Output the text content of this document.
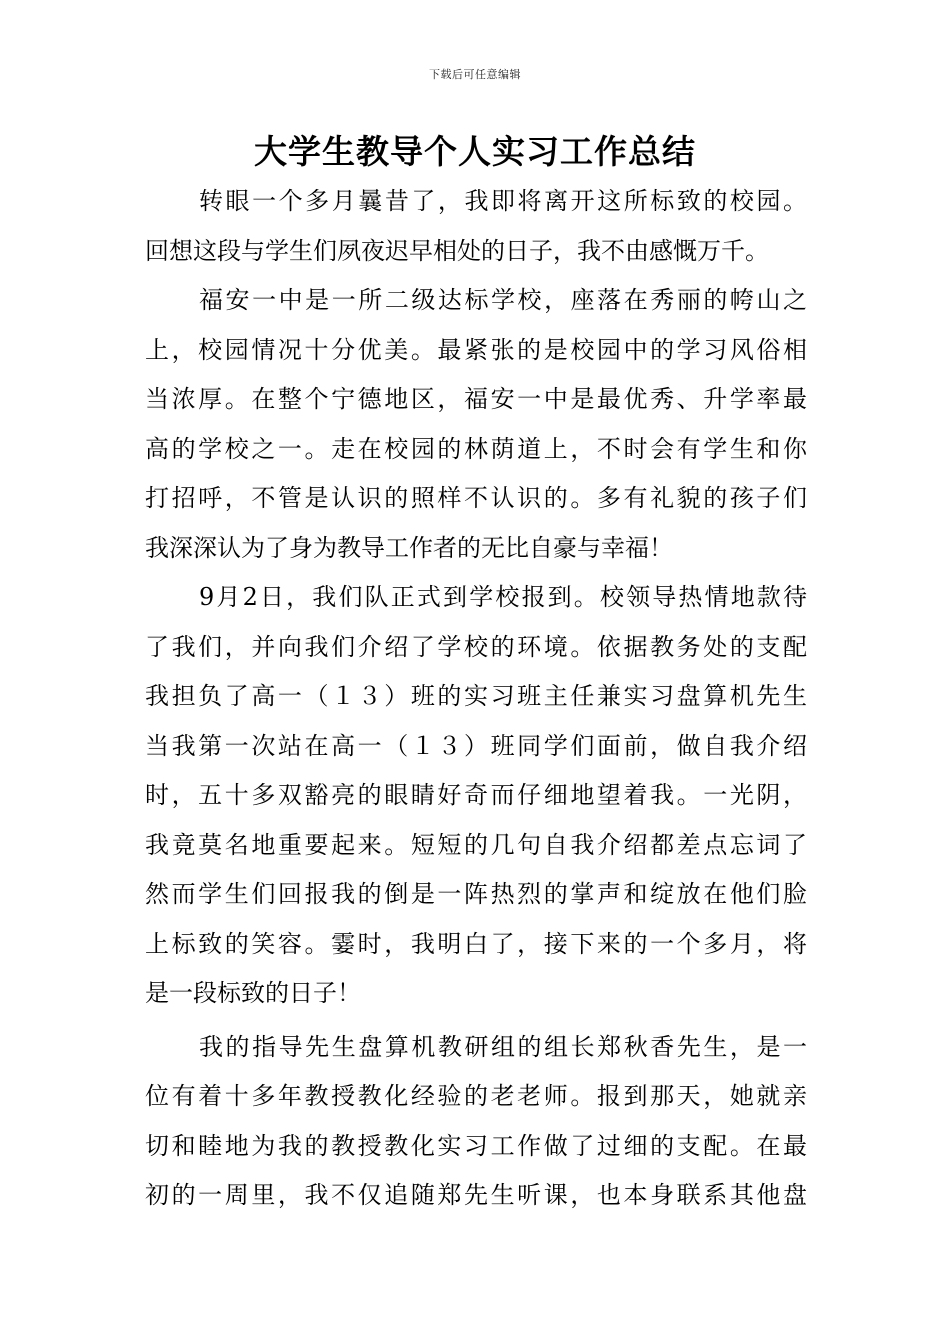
下载后可任意编辑
大学生教导个人实习工作总结
转眼一个多月曩昔了，我即将离开这所标致的校园。
回想这段与学生们夙夜迟早相处的日子，我不由感慨万千。
福安一中是一所二级达标学校，座落在秀丽的㡁山之
上，校园情况十分优美。最紧张的是校园中的学习风俗相
当浓厚。在整个宁德地区，福安一中是最优秀、升学率最
高的学校之一。走在校园的林荫道上，不时会有学生和你
打招呼，不管是认识的照样不认识的。多有礼貌的孩子们
我深深认为了身为教导工作者的无比自豪与幸福！
9月2日，我们队正式到学校报到。校领导热情地款待
了我们，并向我们介绍了学校的环境。依据教务处的支配
我担负了高一（１３）班的实习班主任兼实习盘算机先生
当我第一次站在高一（１３）班同学们面前，做自我介绍
时，五十多双豁亮的眼睛好奇而仔细地望着我。一光阴，
我竟莫名地重要起来。短短的几句自我介绍都差点忘词了
然而学生们回报我的倒是一阵热烈的掌声和绽放在他们脸
上标致的笑容。霎时，我明白了，接下来的一个多月，将
是一段标致的日子！
我的指导先生盘算机教研组的组长郑秋香先生，是一
位有着十多年教授教化经验的老老师。报到那天，她就亲
切和睦地为我的教授教化实习工作做了过细的支配。在最
初的一周里，我不仅追随郑先生听课，也本身联系其他盘
